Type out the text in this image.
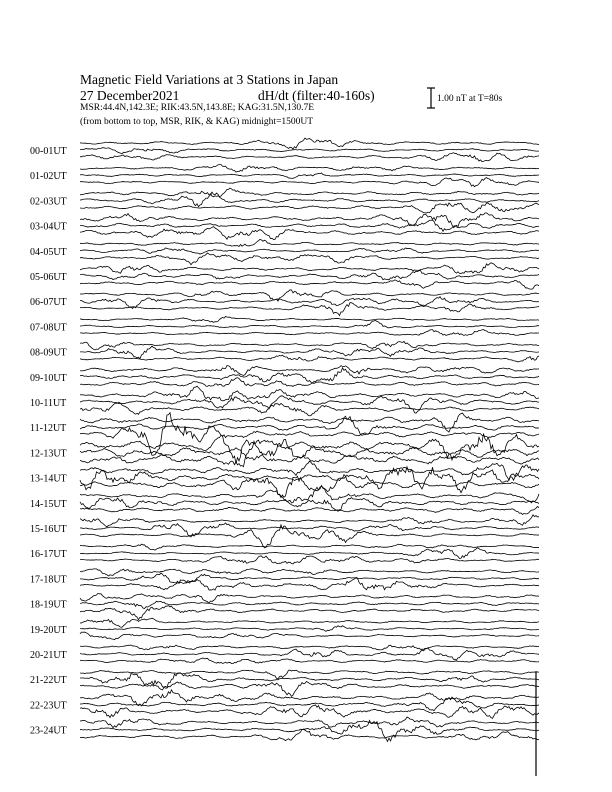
Magnetic Field Variations at 3 Stations in Japan
27 December2021	dH/dt (filter:40-160s)
MSR:44.4N,142.3E; RIK:43.5N,143.8E; KAG:31.5N,130.7E
(from bottom to top, MSR, RIK, & KAG) midnight=1500UT
1.00 nT at T=80s
00-01UT
01-02UT
02-03UT
03-04UT
04-05UT
05-06UT
06-07UT
07-08UT
08-09UT
09-10UT
10-11UT
11-12UT
12-13UT
13-14UT
14-15UT
15-16UT
16-17UT
17-18UT
18-19UT
19-20UT
20-21UT
21-22UT
22-23UT
23-24UT
